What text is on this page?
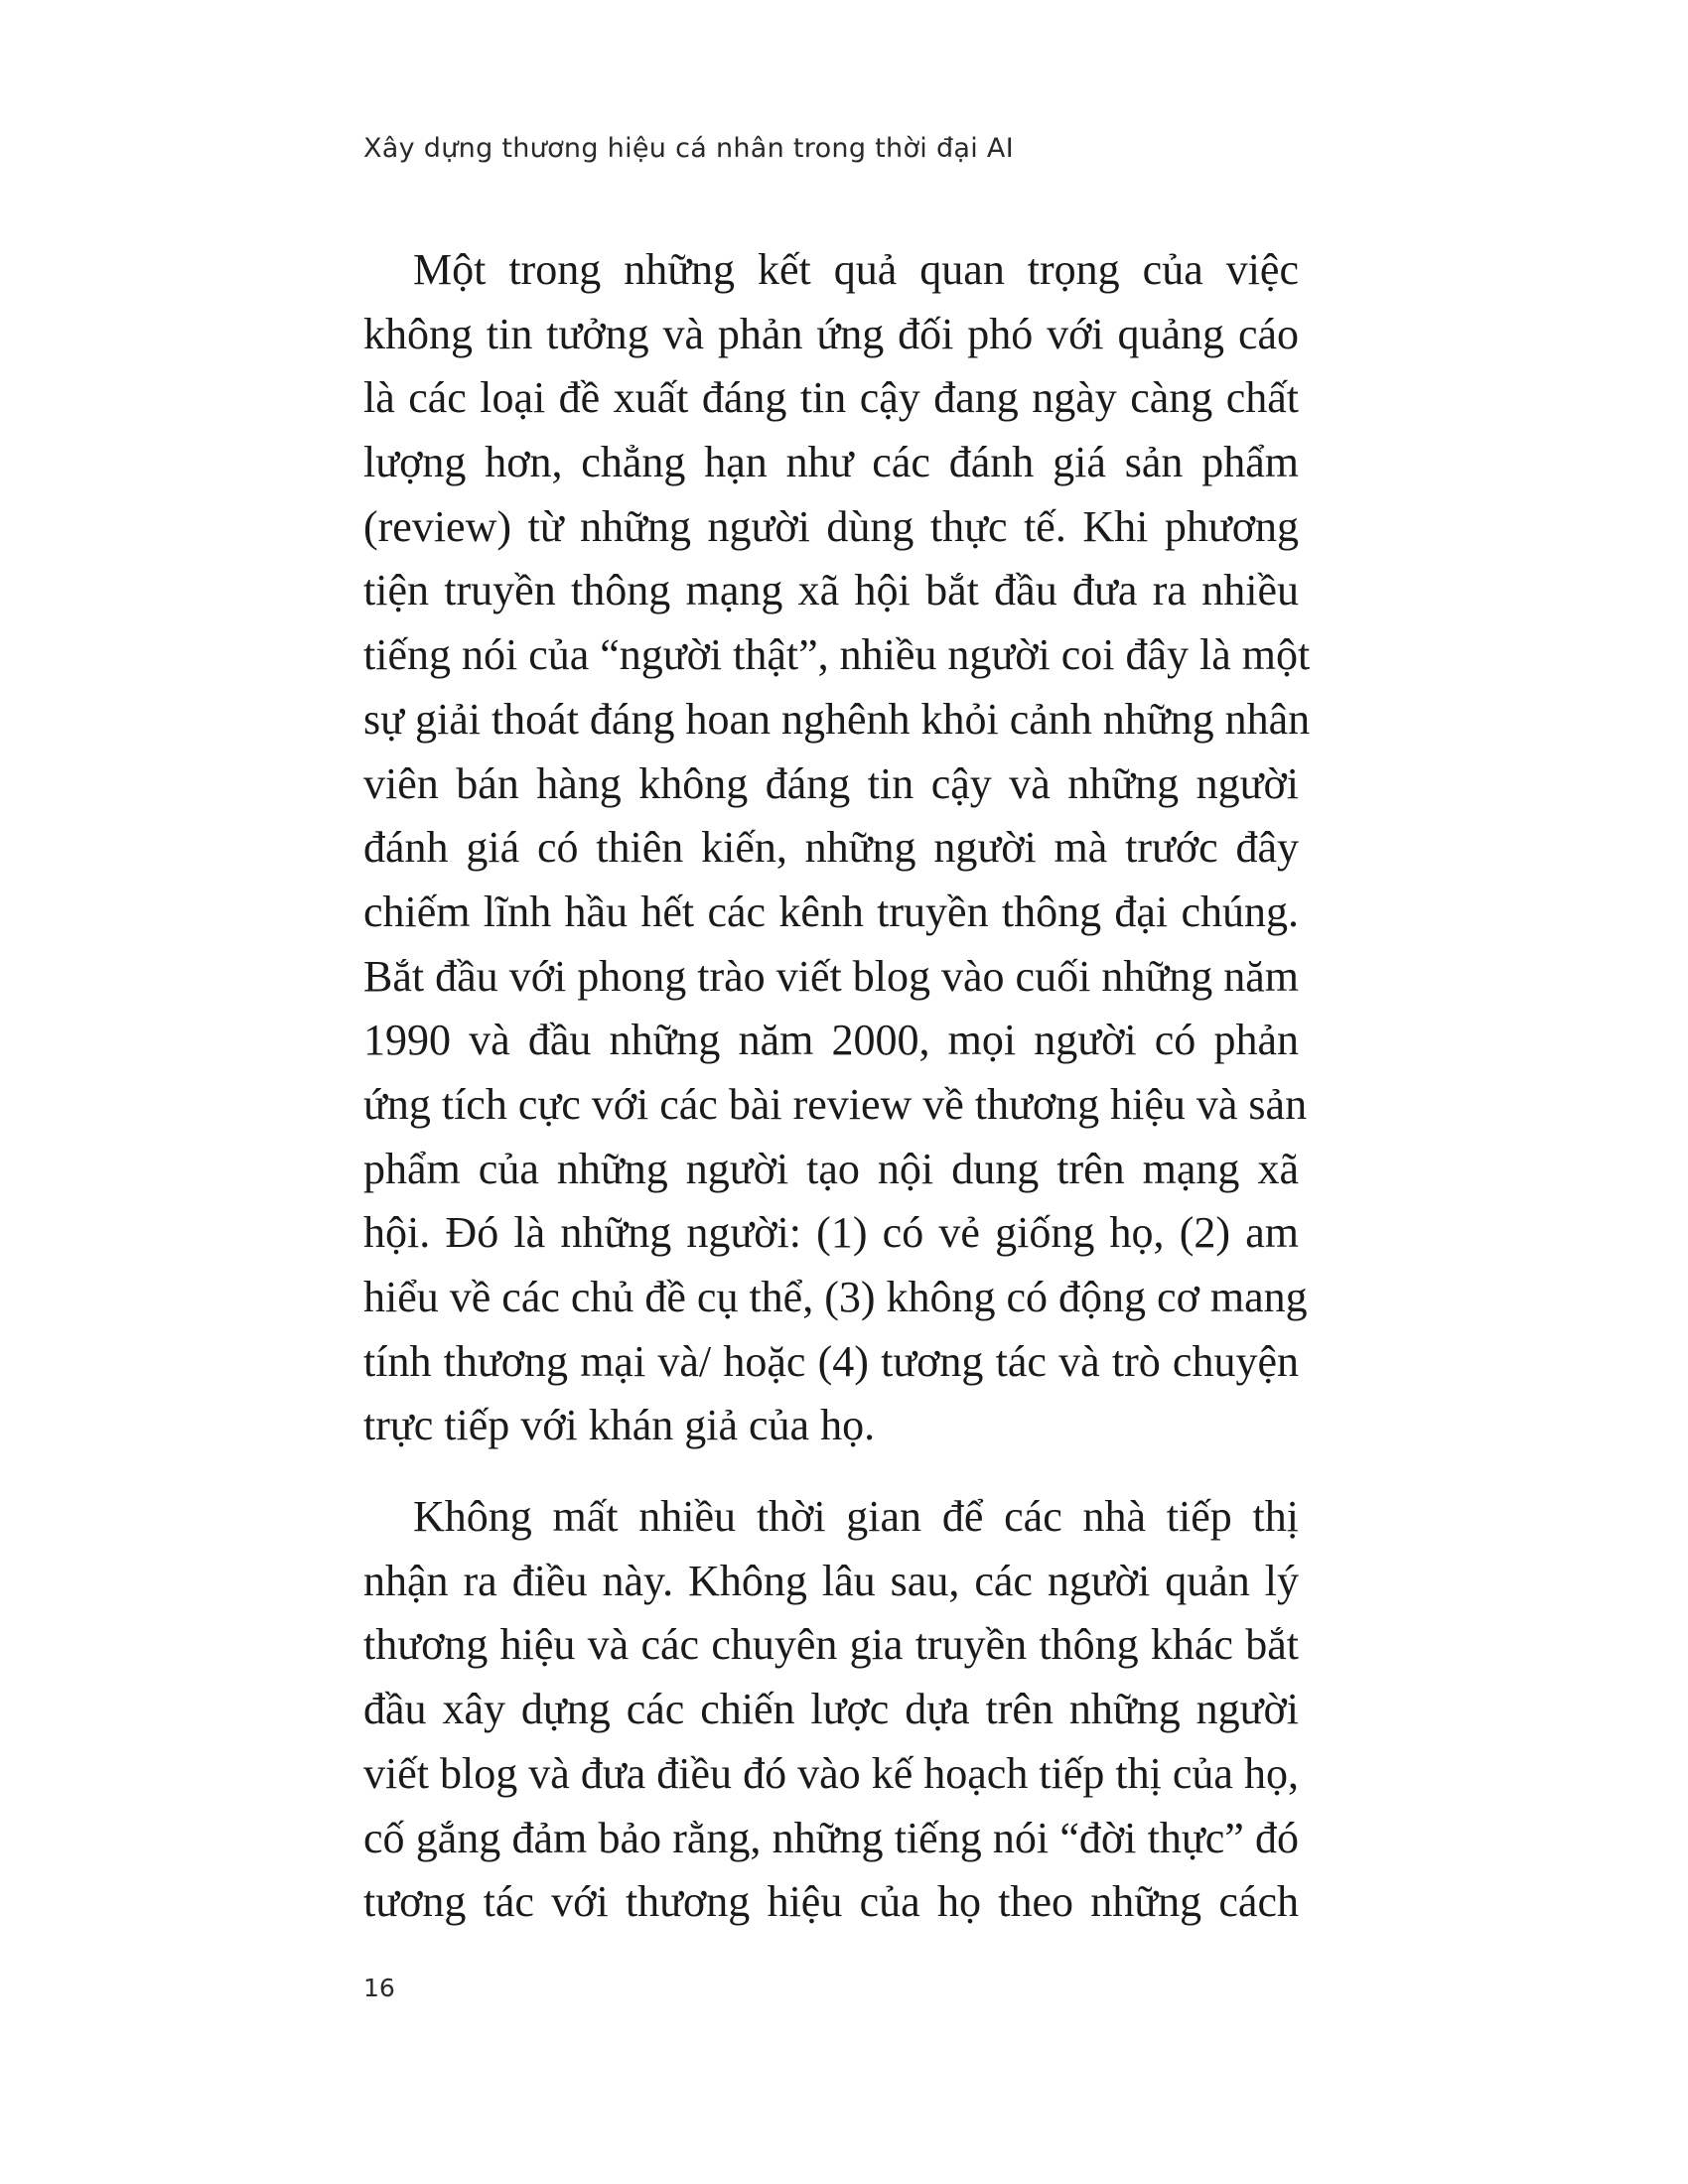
Xây dựng thương hiệu cá nhân trong thời đại AI
Một trong những kết quả quan trọng của việc
không tin tưởng và phản ứng đối phó với quảng cáo
là các loại đề xuất đáng tin cậy đang ngày càng chất
lượng hơn, chẳng hạn như các đánh giá sản phẩm
(review) từ những người dùng thực tế. Khi phương
tiện truyền thông mạng xã hội bắt đầu đưa ra nhiều
tiếng nói của “người thật”, nhiều người coi đây là một
sự giải thoát đáng hoan nghênh khỏi cảnh những nhân
viên bán hàng không đáng tin cậy và những người
đánh giá có thiên kiến, những người mà trước đây
chiếm lĩnh hầu hết các kênh truyền thông đại chúng.
Bắt đầu với phong trào viết blog vào cuối những năm
1990 và đầu những năm 2000, mọi người có phản
ứng tích cực với các bài review về thương hiệu và sản
phẩm của những người tạo nội dung trên mạng xã
hội. Đó là những người: (1) có vẻ giống họ, (2) am
hiểu về các chủ đề cụ thể, (3) không có động cơ mang
tính thương mại và/ hoặc (4) tương tác và trò chuyện
trực tiếp với khán giả của họ.
Không mất nhiều thời gian để các nhà tiếp thị
nhận ra điều này. Không lâu sau, các người quản lý
thương hiệu và các chuyên gia truyền thông khác bắt
đầu xây dựng các chiến lược dựa trên những người
viết blog và đưa điều đó vào kế hoạch tiếp thị của họ,
cố gắng đảm bảo rằng, những tiếng nói “đời thực” đó
tương tác với thương hiệu của họ theo những cách
16
